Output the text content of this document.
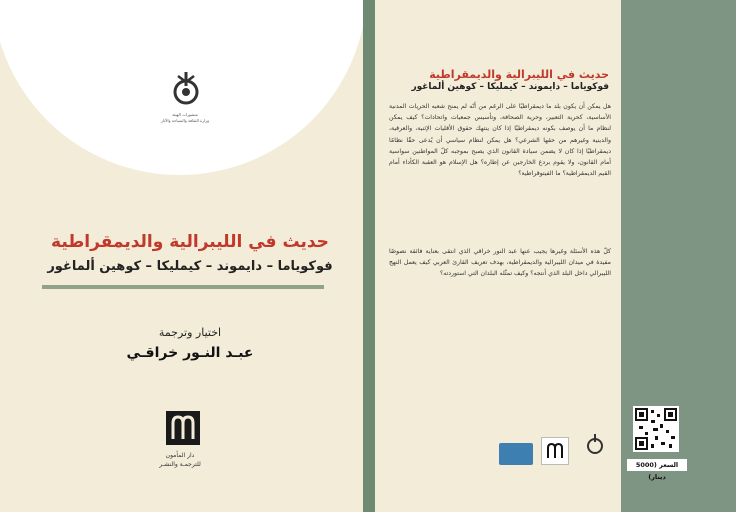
منشورات الهيئة
وزارة الثقافة والسياحة والآثار
حديث في الليبرالية والديمقراطية
فوكوياما – دايموند – كيمليكا – كوهين ألماغور
اختيار وترجمة
عبـد النـور خراقـي
دار المأمون
للترجمـة والنشـر
حديث في الليبرالية والديمقراطية
فوكوياما – دايموند – كيمليكا – كوهين ألماغور
هل يمكن أن يكون بلد ما ديمقراطيًا على الرغم من أنّه لم يمنح شعبه الحريات المدنية الأساسية، كحرية التعبير، وحرية الصحافة، وتأسيس جمعيات واتحادات؟ كيف يمكن لنظام ما أن يوصف بكونه ديمقراطيًا إذا كان ينتهك حقوق الأقليات الإثنية، والعرقية، والدينية وغيرهم من حقها الشرعي؟ هل يمكن لنظام سياسي أن يُدعى حقًا نظامًا ديمقراطيًا إذا كان لا يضمن سيادة القانون الذي يصبح بموجبه كلّ المواطنين سواسية أمام القانون، ولا يقوم بردع الخارجين عن إطاره؟ هل الإسلام هو العقبة الكأداء أمام القيم الديمقراطية؟ ما الفيتوقراطية؟
كلّ هذه الأسئلة وغيرها يجيب عنها عبد النور خراقي الذي انتقى بعناية فائقة نصوصًا مفيدة في ميدان الليبرالية والديمقراطية، بهدف تعريف القارئ العربي كيف يعمل النهج الليبرالي داخل البلد الذي أنتجه؟ وكيف تمثّله البلدان التي استوردته؟
السعر (5000 دينار)
